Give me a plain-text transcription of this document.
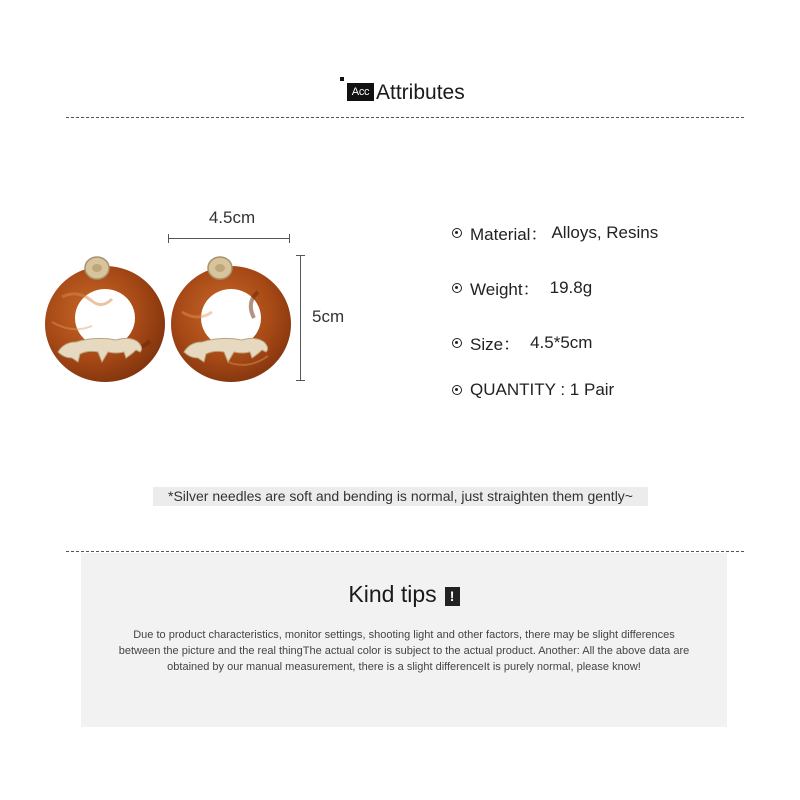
Acc Attributes
4.5cm
5cm
Material： Alloys, Resins
Weight： 19.8g
Size： 4.5*5cm
QUANTITY : 1 Pair
*Silver needles are soft and bending is normal, just straighten them gently~
Kind tips !
Due to product characteristics, monitor settings, shooting light and other factors, there may be slight differences between the picture and the real thingThe actual color is subject to the actual product. Another: All the above data are obtained by our manual measurement, there is a slight differenceIt is purely normal, please know!
